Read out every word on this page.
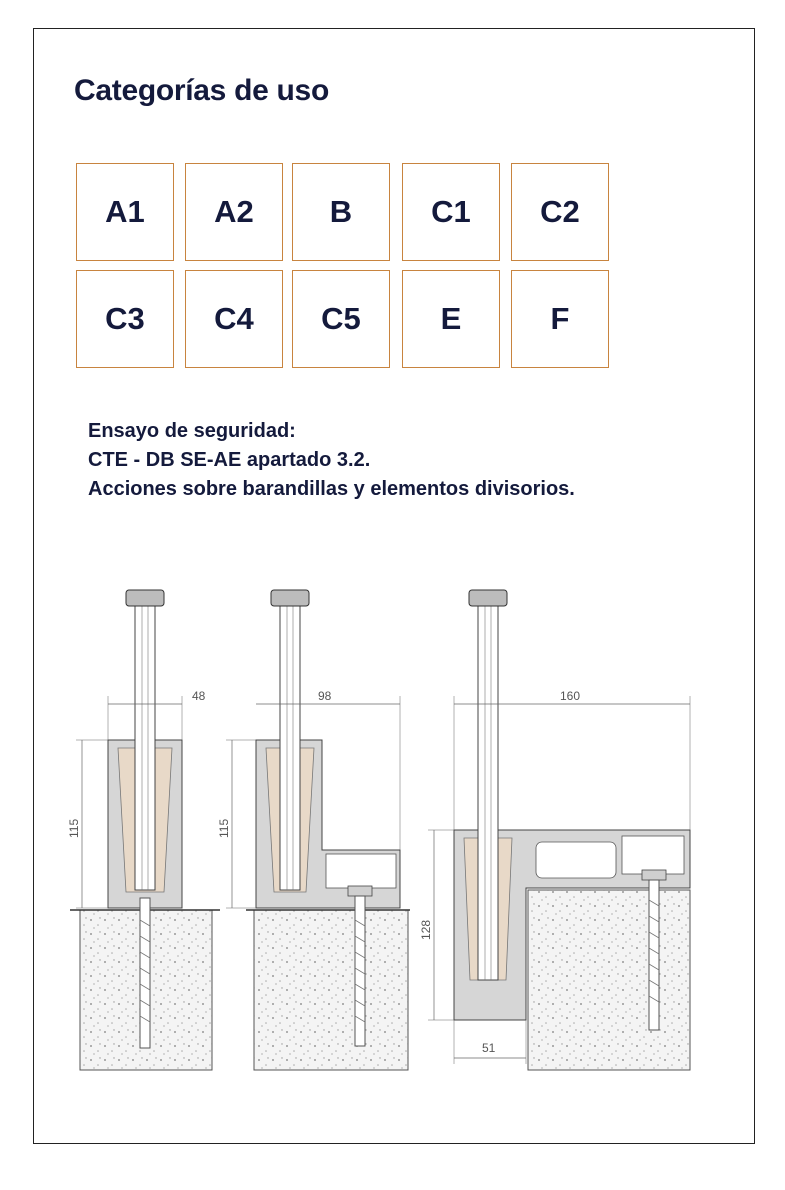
Categorías de uso
A1	A2	B	C1	C2
C3	C4	C5	E	F
Ensayo de seguridad:
CTE - DB SE-AE apartado 3.2.
Acciones sobre barandillas y elementos divisorios.
48
115
98
115
160
128
51
